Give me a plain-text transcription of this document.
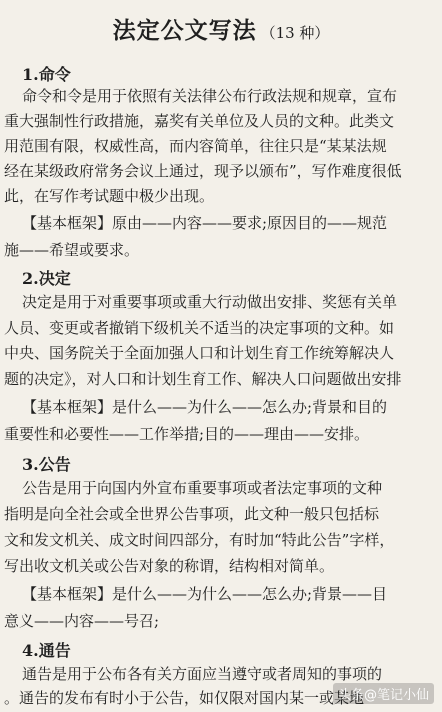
法定公文写法 （13 种）
1.命令
命令和令是用于依照有关法律公布行政法规和规章，宣布
重大强制性行政措施，嘉奖有关单位及人员的文种。此类文
用范围有限，权威性高，而内容简单，往往只是“某某法规
经在某级政府常务会议上通过，现予以颁布”，写作难度很低
此，在写作考试题中极少出现。
【基本框架】原由——内容——要求;原因目的——规范
施——希望或要求。
2.决定
决定是用于对重要事项或重大行动做出安排、奖惩有关单
人员、变更或者撤销下级机关不适当的决定事项的文种。如
中央、国务院关于全面加强人口和计划生育工作统筹解决人
题的决定》，对人口和计划生育工作、解决人口问题做出安排
【基本框架】是什么——为什么——怎么办;背景和目的
重要性和必要性——工作举措;目的——理由——安排。
3.公告
公告是用于向国内外宣布重要事项或者法定事项的文种
指明是向全社会或全世界公告事项，此文种一般只包括标
文和发文机关、成文时间四部分，有时加“特此公告”字样，
写出收文机关或公告对象的称谓，结构相对简单。
【基本框架】是什么——为什么——怎么办;背景——目
意义——内容——号召;
4.通告
通告是用于公布各有关方面应当遵守或者周知的事项的
。通告的发布有时小于公告，如仅限对国内某一或某地
头条@笔记小仙
